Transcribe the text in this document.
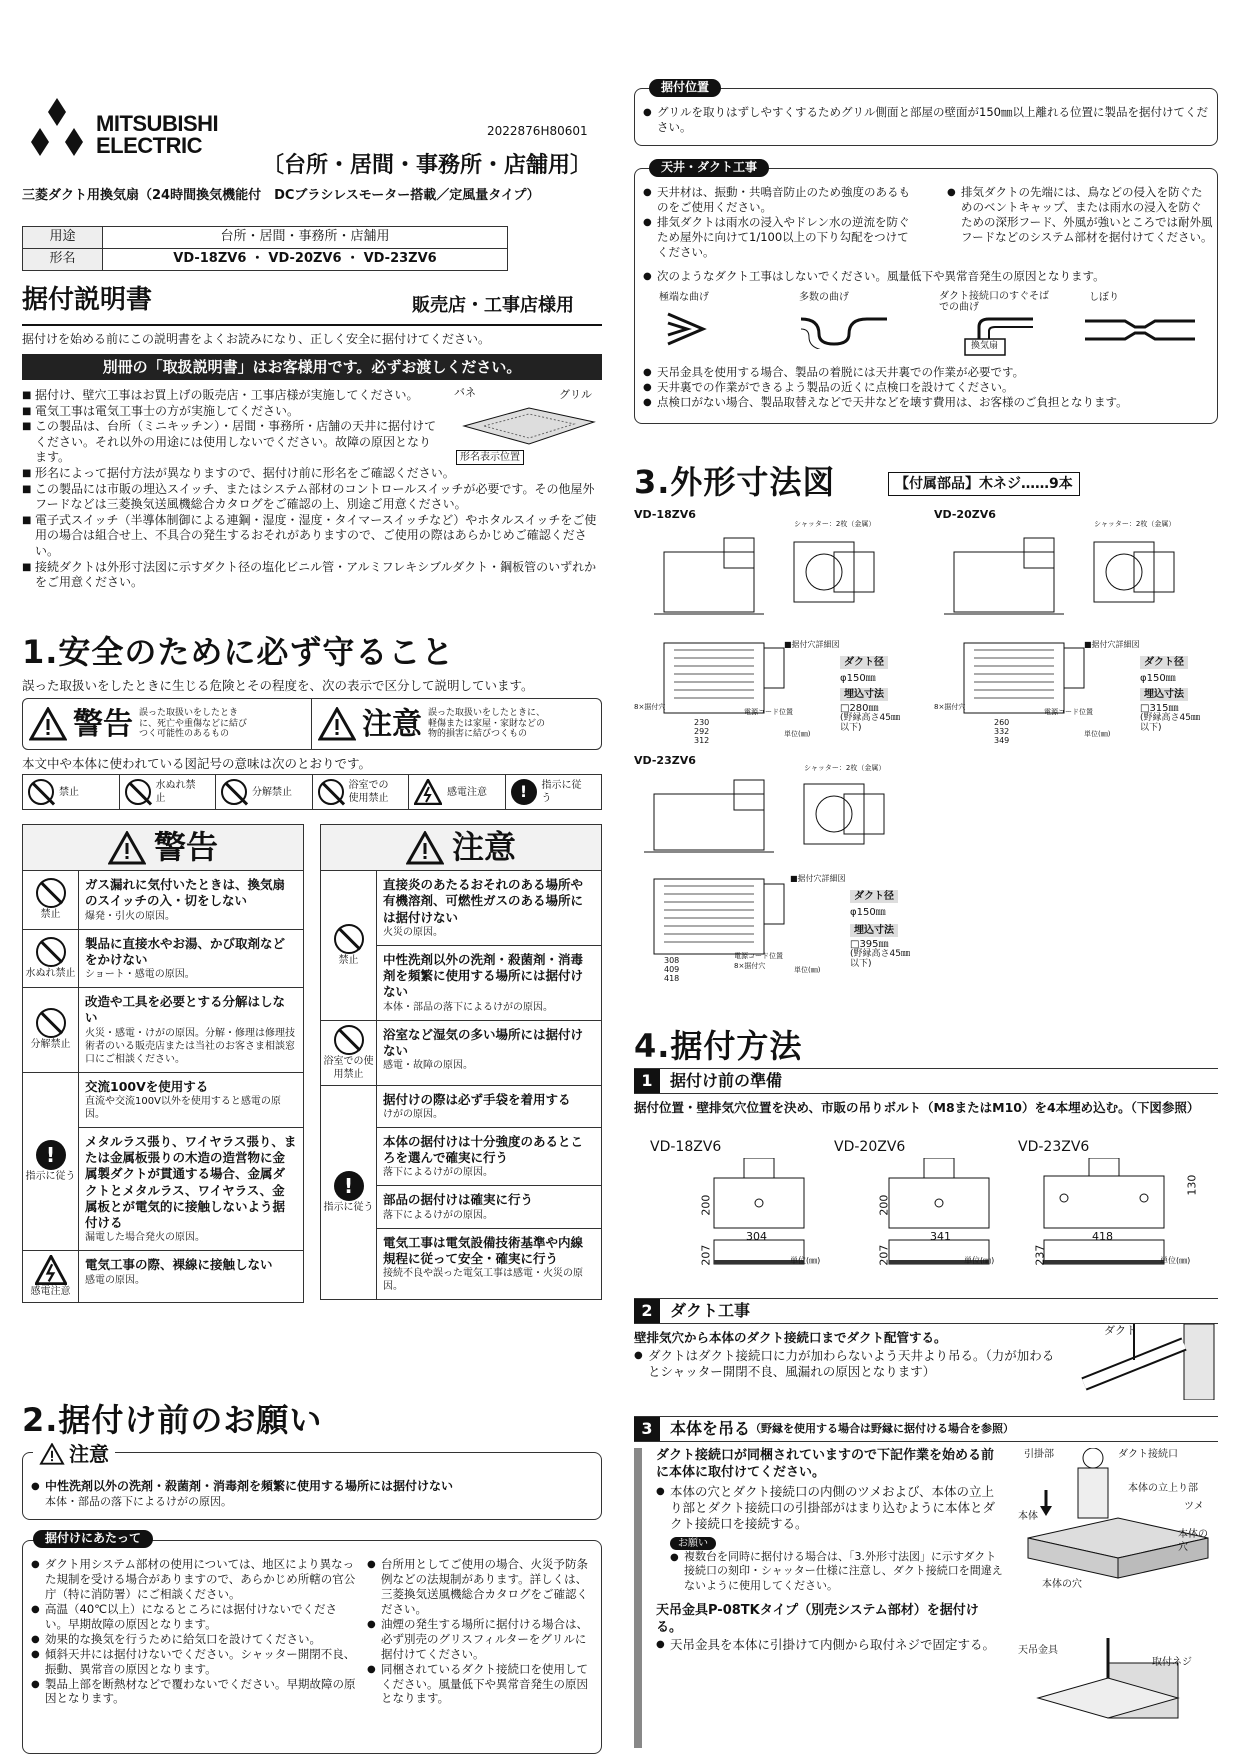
MITSUBISHI
ELECTRIC
2022876H80601
〔台所・居間・事務所・店舗用〕
三菱ダクト用換気扇（24時間換気機能付　DCブラシレスモーター搭載／定風量タイプ）
用途	台所・居間・事務所・店舗用
形名	VD-18ZV6 ・ VD-20ZV6 ・ VD-23ZV6
据付説明書	販売店・工事店様用
据付けを始める前にこの説明書をよくお読みになり、正しく安全に据付けてください。
別冊の「取扱説明書」はお客様用です。必ずお渡しください。
■ 据付け、壁穴工事はお買上げの販売店・工事店様が実施してください。
■ 電気工事は電気工事士の方が実施してください。
■ この製品は、台所（ミニキッチン）・居間・事務所・店舗の天井に据付けてください。それ以外の用途には使用しないでください。故障の原因となります。
■ 形名によって据付方法が異なりますので、据付け前に形名をご確認ください。
■ この製品には市販の埋込スイッチ、またはシステム部材のコントロールスイッチが必要です。その他屋外フードなどは三菱換気送風機総合カタログをご確認の上、別途ご用意ください。
■ 電子式スイッチ（半導体制御による連鋼・湿度・湿度・タイマースイッチなど）やホタルスイッチをご使用の場合は組合せ上、不具合の発生するおそれがありますので、ご使用の際はあらかじめご確認ください。
■ 接続ダクトは外形寸法図に示すダクト径の塩化ビニル管・アルミフレキシブルダクト・鋼板管のいずれかをご用意ください。
バネ	グリル
形名表示位置
1.安全のために必ず守ること
誤った取扱いをしたときに生じる危険とその程度を、次の表示で区分して説明しています。
警告 誤った取扱いをしたときに、死亡や重傷などに結びつく可能性のあるもの	注意 誤った取扱いをしたときに、軽傷または家屋・家財などの物的損害に結びつくもの
本文中や本体に使われている図記号の意味は次のとおりです。
禁止
水ぬれ禁止
分解禁止
浴室での使用禁止
感電注意	!	指示に従う
警告
禁止
ガス漏れに気付いたときは、換気扇のスイッチの入・切をしない
爆発・引火の原因。
水ぬれ禁止
製品に直接水やお湯、かび取剤などをかけない
ショート・感電の原因。
分解禁止
改造や工具を必要とする分解はしない
火災・感電・けがの原因。分解・修理は修理技術者のいる販売店または当社のお客さま相談窓口にご相談ください。
!
指示に従う
交流100Vを使用する
直流や交流100V以外を使用すると感電の原因。
メタルラス張り、ワイヤラス張り、または金属板張りの木造の造営物に金属製ダクトが貫通する場合、金属ダクトとメタルラス、ワイヤラス、金属板とが電気的に接触しないよう据付ける
漏電した場合発火の原因。
感電注意
電気工事の際、裸線に接触しない
感電の原因。
注意
禁止
直接炎のあたるおそれのある場所や有機溶剤、可燃性ガスのある場所には据付けない
火災の原因。
中性洗剤以外の洗剤・殺菌剤・消毒剤を頻繁に使用する場所には据付けない
本体・部品の落下によるけがの原因。
浴室での使用禁止
浴室など湿気の多い場所には据付けない
感電・故障の原因。
!
指示に従う
据付けの際は必ず手袋を着用する
けがの原因。
本体の据付けは十分強度のあるところを選んで確実に行う
落下によるけがの原因。
部品の据付けは確実に行う
落下によるけがの原因。
電気工事は電気設備技術基準や内線規程に従って安全・確実に行う
接続不良や誤った電気工事は感電・火災の原因。
2.据付け前のお願い
注意
● 中性洗剤以外の洗剤・殺菌剤・消毒剤を頻繁に使用する場所には据付けない
本体・部品の落下によるけがの原因。
据付けにあたって
● ダクト用システム部材の使用については、地区により異なった規制を受ける場合がありますので、あらかじめ所轄の官公庁（特に消防署）にご相談ください。
● 高温（40℃以上）になるところには据付けないでください。早期故障の原因となります。
● 効果的な換気を行うために給気口を設けてください。
● 傾斜天井には据付けないでください。シャッター開閉不良、振動、異常音の原因となります。
● 製品上部を断熱材などで覆わないでください。早期故障の原因となります。
● 台所用としてご使用の場合、火災予防条例などの法規制があります。詳しくは、三菱換気送風機総合カタログをご確認ください。
● 油煙の発生する場所に据付ける場合は、必ず別売のグリスフィルターをグリルに据付けてください。
● 同梱されているダクト接続口を使用してください。風量低下や異常音発生の原因となります。
据付位置
● グリルを取りはずしやすくするためグリル側面と部屋の壁面が150㎜以上離れる位置に製品を据付けてください。
天井・ダクト工事
● 天井材は、振動・共鳴音防止のため強度のあるものをご使用ください。
● 排気ダクトは雨水の浸入やドレン水の逆流を防ぐため屋外に向けて1/100以上の下り勾配をつけてください。
● 排気ダクトの先端には、鳥などの侵入を防ぐためのベントキャップ、または雨水の浸入を防ぐための深形フード、外風が強いところでは耐外風フードなどのシステム部材を据付けてください。
● 次のようなダクト工事はしないでください。風量低下や異常音発生の原因となります。
極端な曲げ	多数の曲げ	ダクト接続口のすぐそばでの曲げ
しぼり
換気扇
● 天吊金具を使用する場合、製品の着脱には天井裏での作業が必要です。
● 天井裏での作業ができるよう製品の近くに点検口を設けてください。
● 点検口がない場合、製品取替えなどで天井などを壊す費用は、お客様のご負担となります。
3.外形寸法図	【付属部品】木ネジ……9本
VD-18ZV6
シャッター：2枚（金属）
230
292
312
8×据付穴
電源コード位置
■据付穴詳細図
ダクト径
φ150㎜
埋込寸法
□280㎜
(野縁高さ45㎜以下)
単位(㎜)
VD-20ZV6
シャッター：2枚（金属）
260
332
349
8×据付穴
電源コード位置
■据付穴詳細図
ダクト径
φ150㎜
埋込寸法
□315㎜
(野縁高さ45㎜以下)
単位(㎜)
VD-23ZV6
シャッター：2枚（金属）
308
409
418
8×据付穴
電源コード位置
■据付穴詳細図
ダクト径
φ150㎜
埋込寸法
□395㎜
(野縁高さ45㎜以下)
単位(㎜)
4.据付方法
1	据付け前の準備
据付位置・壁排気穴位置を決め、市販の吊りボルト（M8またはM10）を4本埋め込む。（下図参照）
VD-18ZV6	VD-20ZV6	VD-23ZV6
200
304
207	単位(㎜)
200
341
207	単位(㎜)
130
418
237	単位(㎜)
2	ダクト工事
壁排気穴から本体のダクト接続口までダクト配管する。
● ダクトはダクト接続口に力が加わらないよう天井より吊る。（力が加わるとシャッター開閉不良、風漏れの原因となります）
ダクト
3	本体を吊る （野縁を使用する場合は野縁に据付ける場合を参照）
ダクト接続口が同梱されていますので下記作業を始める前に本体に取付けてください。
● 本体の穴とダクト接続口の内側のツメおよび、本体の立上り部とダクト接続口の引掛部がはまり込むように本体とダクト接続口を接続する。
お願い
● 複数台を同時に据付ける場合は、「3.外形寸法図」に示すダクト接続口の刻印・シャッター仕様に注意し、ダクト接続口を間違えないように使用してください。
天吊金具P-08TKタイプ（別売システム部材）を据付ける。
● 天吊金具を本体に引掛けて内側から取付ネジで固定する。
引掛部	ダクト接続口
本体
本体の立上り部
ツメ
本体の穴
本体の穴
天吊金具
取付ネジ
